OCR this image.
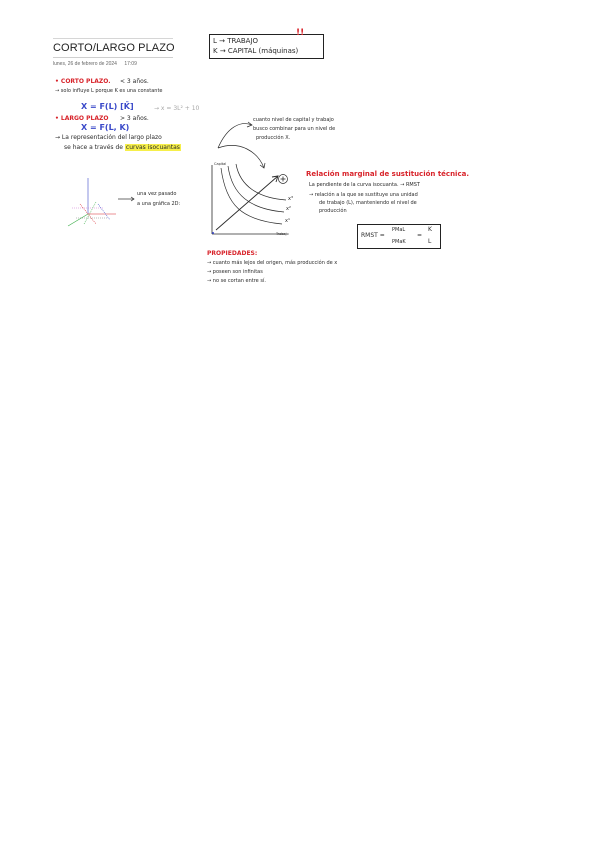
CORTO/LARGO PLAZO
lunes, 26 de febrero de 2024 17:09
L → TRABAJO
K → CAPITAL (máquinas)
!!
• CORTO PLAZO. < 3 años.
→ solo influye L porque K es una constante
X = F(L) [K̄]	→ x = 3L² + 10
• LARGO PLAZO > 3 años.
X = F(L, K)
→ La representación del largo plazo
se hace a través de curvas isocuantas
cuanto nivel de capital y trabajo
busco combinar para un nivel de
producción X.
una vez pasado
a una gráfica 2D:
Capital
Trabajo
x³
x²
x¹
Relación marginal de sustitución técnica.
La pendiente de la curva isocuanta. → RMST
→ relación a la que se sustituye una unidad
de trabajo (L), manteniendo el nivel de
producción
RMST =
PMaL
PMaK
=
K
L
PROPIEDADES:
→ cuanto más lejos del origen, más producción de x
→ poseen son infinitas
→ no se cortan entre sí.
